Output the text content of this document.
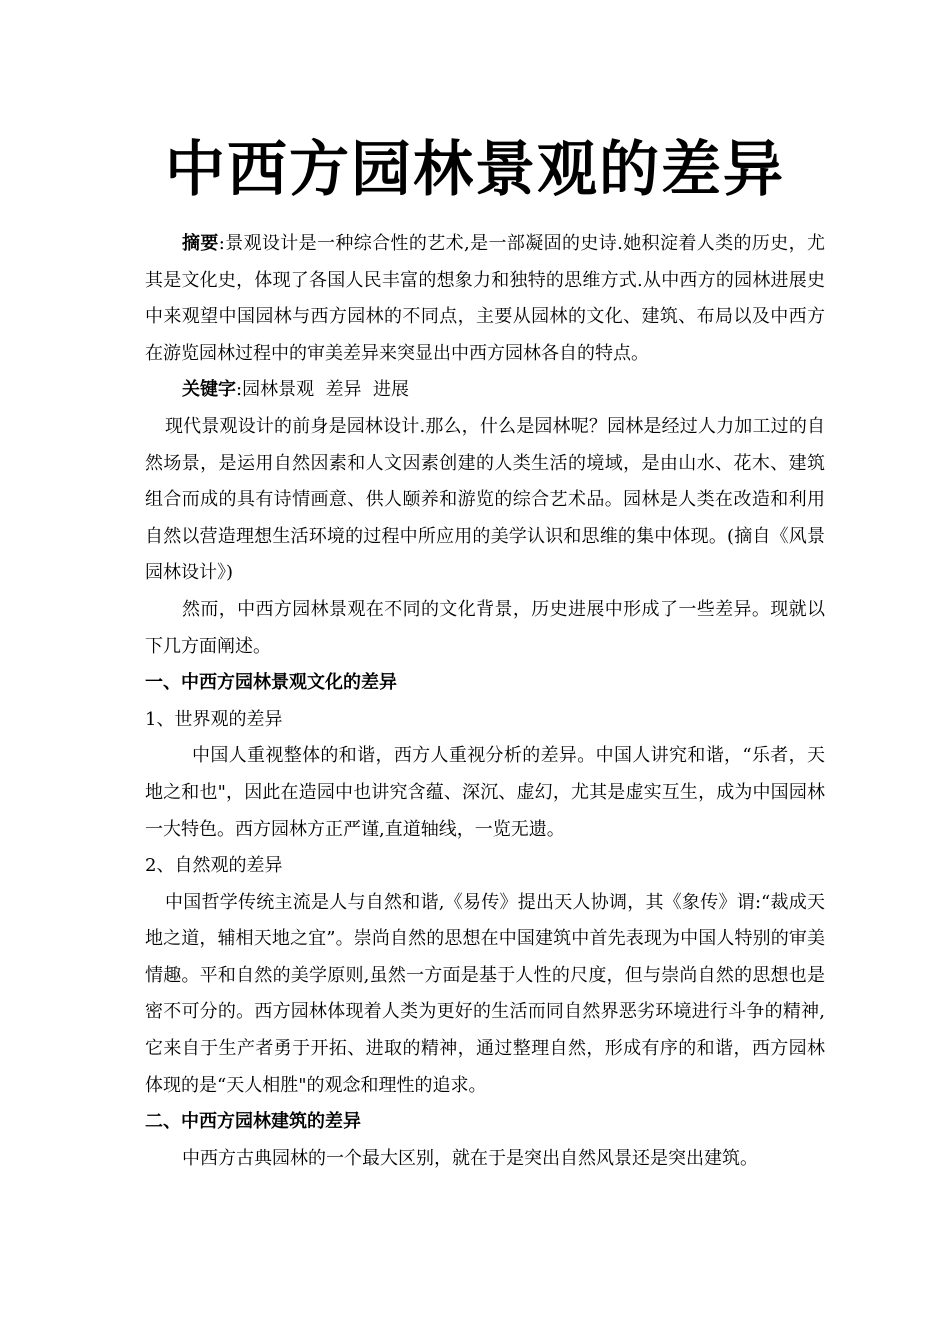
中西方园林景观的差异

摘要:景观设计是一种综合性的艺术,是一部凝固的史诗.她积淀着人类的历史，尤其是文化史，体现了各国人民丰富的想象力和独特的思维方式.从中西方的园林进展史中来观望中国园林与西方园林的不同点，主要从园林的文化、建筑、布局以及中西方在游览园林过程中的审美差异来突显出中西方园林各自的特点。

关键字:园林景观  差异  进展

现代景观设计的前身是园林设计.那么，什么是园林呢？园林是经过人力加工过的自然场景，是运用自然因素和人文因素创建的人类生活的境域，是由山水、花木、建筑组合而成的具有诗情画意、供人颐养和游览的综合艺术品。园林是人类在改造和利用自然以营造理想生活环境的过程中所应用的美学认识和思维的集中体现。(摘自《风景园林设计》)

然而，中西方园林景观在不同的文化背景，历史进展中形成了一些差异。现就以下几方面阐述。

一、中西方园林景观文化的差异

1、世界观的差异

中国人重视整体的和谐，西方人重视分析的差异。中国人讲究和谐，“乐者，天地之和也"，因此在造园中也讲究含蕴、深沉、虚幻，尤其是虚实互生，成为中国园林一大特色。西方园林方正严谨,直道轴线，一览无遗。

2、自然观的差异

中国哲学传统主流是人与自然和谐,《易传》提出天人协调，其《象传》谓:“裁成天地之道，辅相天地之宜”。崇尚自然的思想在中国建筑中首先表现为中国人特别的审美情趣。平和自然的美学原则,虽然一方面是基于人性的尺度，但与崇尚自然的思想也是密不可分的。西方园林体现着人类为更好的生活而同自然界恶劣环境进行斗争的精神,它来自于生产者勇于开拓、进取的精神，通过整理自然，形成有序的和谐，西方园林体现的是“天人相胜"的观念和理性的追求。

二、中西方园林建筑的差异

中西方古典园林的一个最大区别，就在于是突出自然风景还是突出建筑。
